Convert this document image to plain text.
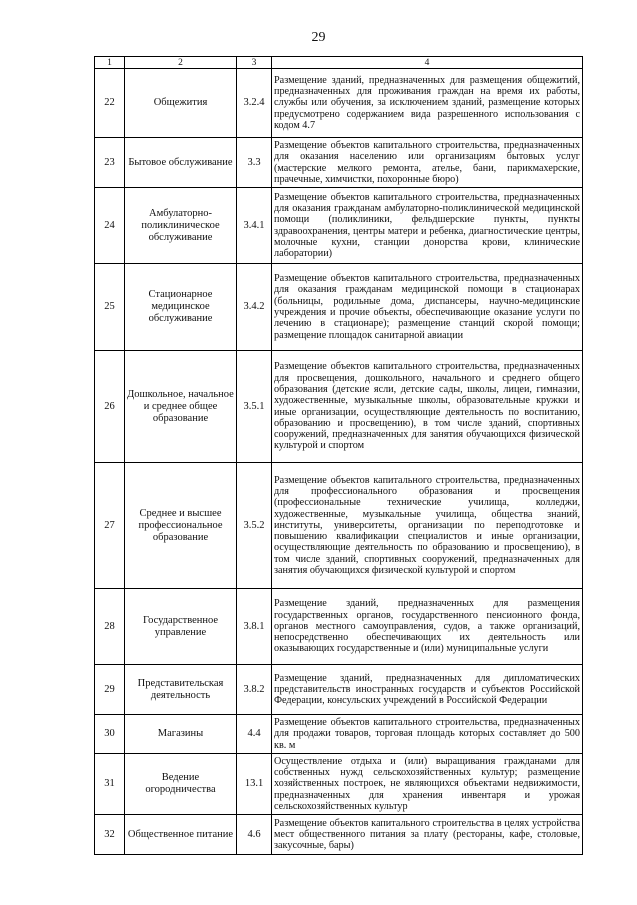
29
1	2	3	4
22	Общежития	3.2.4	Размещение зданий, предназначенных для размещения общежитий, предназначенных для проживания граждан на время их работы, службы или обучения, за исключением зданий, размещение которых предусмотрено содержанием вида разрешенного использования с кодом 4.7
23	Бытовое обслуживание	3.3	Размещение объектов капитального строительства, предназначенных для оказания населению или организациям бытовых услуг (мастерские мелкого ремонта, ателье, бани, парикмахерские, прачечные, химчистки, похоронные бюро)
24	Амбулаторно-поликлиническое обслуживание	3.4.1	Размещение объектов капитального строительства, предназначенных для оказания гражданам амбулаторно-поликлинической медицинской помощи (поликлиники, фельдшерские пункты, пункты здравоохранения, центры матери и ребенка, диагностические центры, молочные кухни, станции донорства крови, клинические лаборатории)
25	Стационарное медицинское обслуживание	3.4.2	Размещение объектов капитального строительства, предназначенных для оказания гражданам медицинской помощи в стационарах (больницы, родильные дома, диспансеры, научно-медицинские учреждения и прочие объекты, обеспечивающие оказание услуги по лечению в стационаре); размещение станций скорой помощи; размещение площадок санитарной авиации
26	Дошкольное, начальное и среднее общее образование	3.5.1	Размещение объектов капитального строительства, предназначенных для просвещения, дошкольного, начального и среднего общего образования (детские ясли, детские сады, школы, лицеи, гимназии, художественные, музыкальные школы, образовательные кружки и иные организации, осуществляющие деятельность по воспитанию, образованию и просвещению), в том числе зданий, спортивных сооружений, предназначенных для занятия обучающихся физической культурой и спортом
27	Среднее и высшее профессиональное образование	3.5.2	Размещение объектов капитального строительства, предназначенных для профессионального образования и просвещения (профессиональные технические училища, колледжи, художественные, музыкальные училища, общества знаний, институты, университеты, организации по переподготовке и повышению квалификации специалистов и иные организации, осуществляющие деятельность по образованию и просвещению), в том числе зданий, спортивных сооружений, предназначенных для занятия обучающихся физической культурой и спортом
28	Государственное управление	3.8.1	Размещение зданий, предназначенных для размещения государственных органов, государственного пенсионного фонда, органов местного самоуправления, судов, а также организаций, непосредственно обеспечивающих их деятельность или оказывающих государственные и (или) муниципальные услуги
29	Представительская деятельность	3.8.2	Размещение зданий, предназначенных для дипломатических представительств иностранных государств и субъектов Российской Федерации, консульских учреждений в Российской Федерации
30	Магазины	4.4	Размещение объектов капитального строительства, предназначенных для продажи товаров, торговая площадь которых составляет до 500 кв. м
31	Ведение огородничества	13.1	Осуществление отдыха и (или) выращивания гражданами для собственных нужд сельскохозяйственных культур; размещение хозяйственных построек, не являющихся объектами недвижимости, предназначенных для хранения инвентаря и урожая сельскохозяйственных культур
32	Общественное питание	4.6	Размещение объектов капитального строительства в целях устройства мест общественного питания за плату (рестораны, кафе, столовые, закусочные, бары)
